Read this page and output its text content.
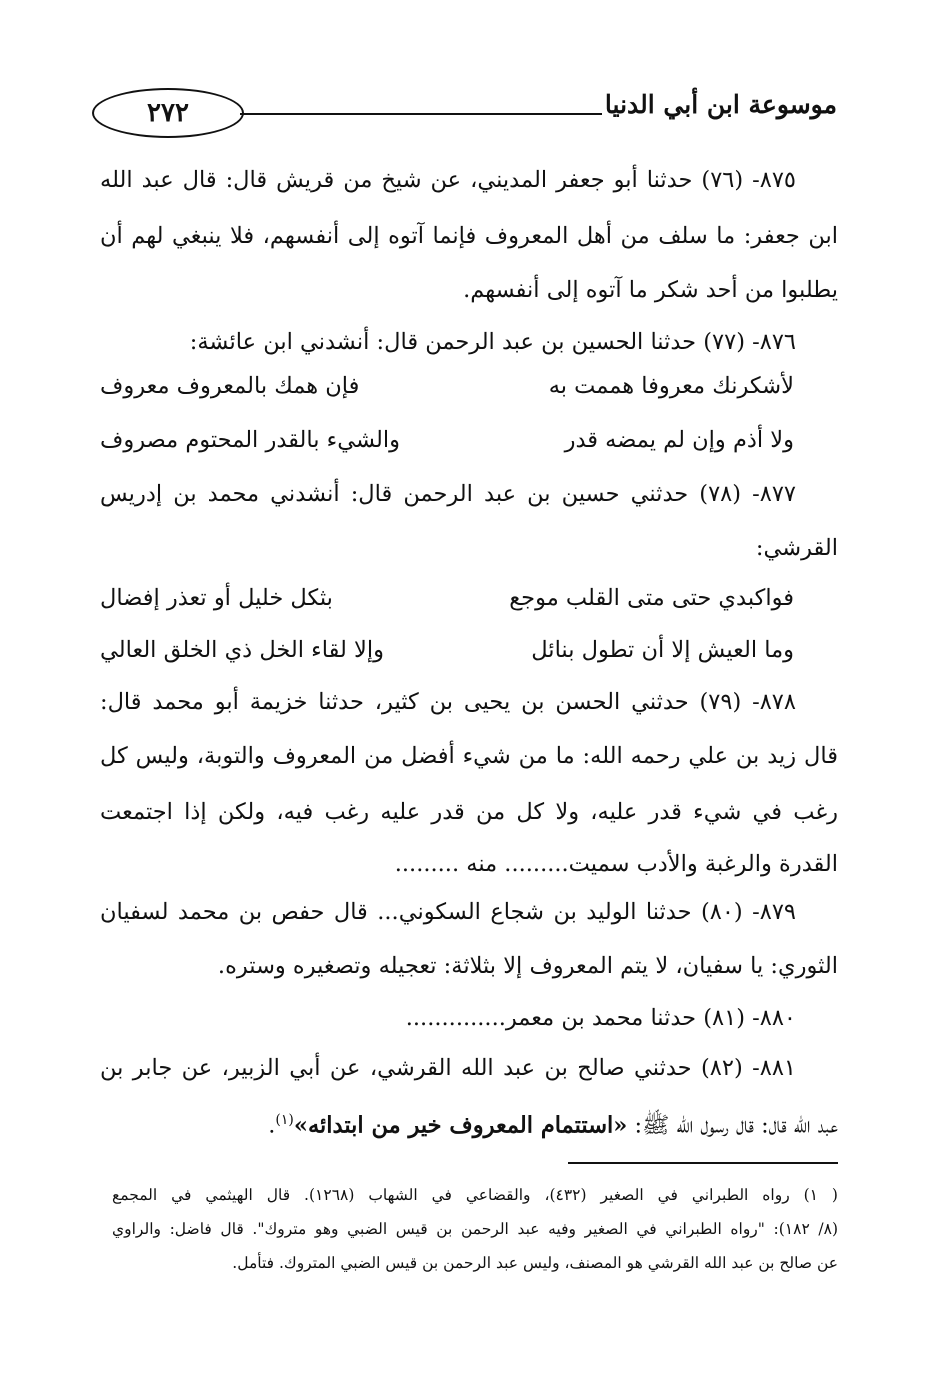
٢٧٢	موسوعة ابن أبي الدنيا
٨٧٥- (٧٦) حدثنا أبو جعفر المديني، عن شيخ من قريش قال: قال عبد الله
ابن جعفر: ما سلف من أهل المعروف فإنما آتوه إلى أنفسهم، فلا ينبغي لهم أن
يطلبوا من أحد شكر ما آتوه إلى أنفسهم.
٨٧٦- (٧٧) حدثنا الحسين بن عبد الرحمن قال: أنشدني ابن عائشة:
لأشكرنك معروفا هممت به
فإن همك بالمعروف معروف
ولا أذم وإن لم يمضه قدر
والشيء بالقدر المحتوم مصروف
٨٧٧- (٧٨) حدثني حسين بن عبد الرحمن قال: أنشدني محمد بن إدريس
القرشي:
فواكبدي حتى متى القلب موجع
بثكل خليل أو تعذر إفضال
وما العيش إلا أن تطول بنائل
وإلا لقاء الخل ذي الخلق العالي
٨٧٨- (٧٩) حدثني الحسن بن يحيى بن كثير، حدثنا خزيمة أبو محمد قال:
قال زيد بن علي رحمه الله: ما من شيء أفضل من المعروف والتوبة، وليس كل
رغب في شيء قدر عليه، ولا كل من قدر عليه رغب فيه، ولكن إذا اجتمعت
القدرة والرغبة والأدب سميت......... منه .........
٨٧٩- (٨٠) حدثنا الوليد بن شجاع السكوني... قال حفص بن محمد لسفيان
الثوري: يا سفيان، لا يتم المعروف إلا بثلاثة: تعجيله وتصغيره وستره.
٨٨٠- (٨١) حدثنا محمد بن معمر..............
٨٨١- (٨٢) حدثني صالح بن عبد الله القرشي، عن أبي الزبير، عن جابر بن
عبد الله قال: قال رسول الله ﷺ: «استتمام المعروف خير من ابتدائه»$^{(١)}$.
( ١) رواه الطبراني في الصغير (٤٣٢)، والقضاعي في الشهاب (١٢٦٨). قال الهيثمي في المجمع
(٨/ ١٨٢): "رواه الطبراني في الصغير وفيه عبد الرحمن بن قيس الضبي وهو متروك". قال فاضل: والراوي
عن صالح بن عبد الله القرشي هو المصنف، وليس عبد الرحمن بن قيس الضبي المتروك. فتأمل.
